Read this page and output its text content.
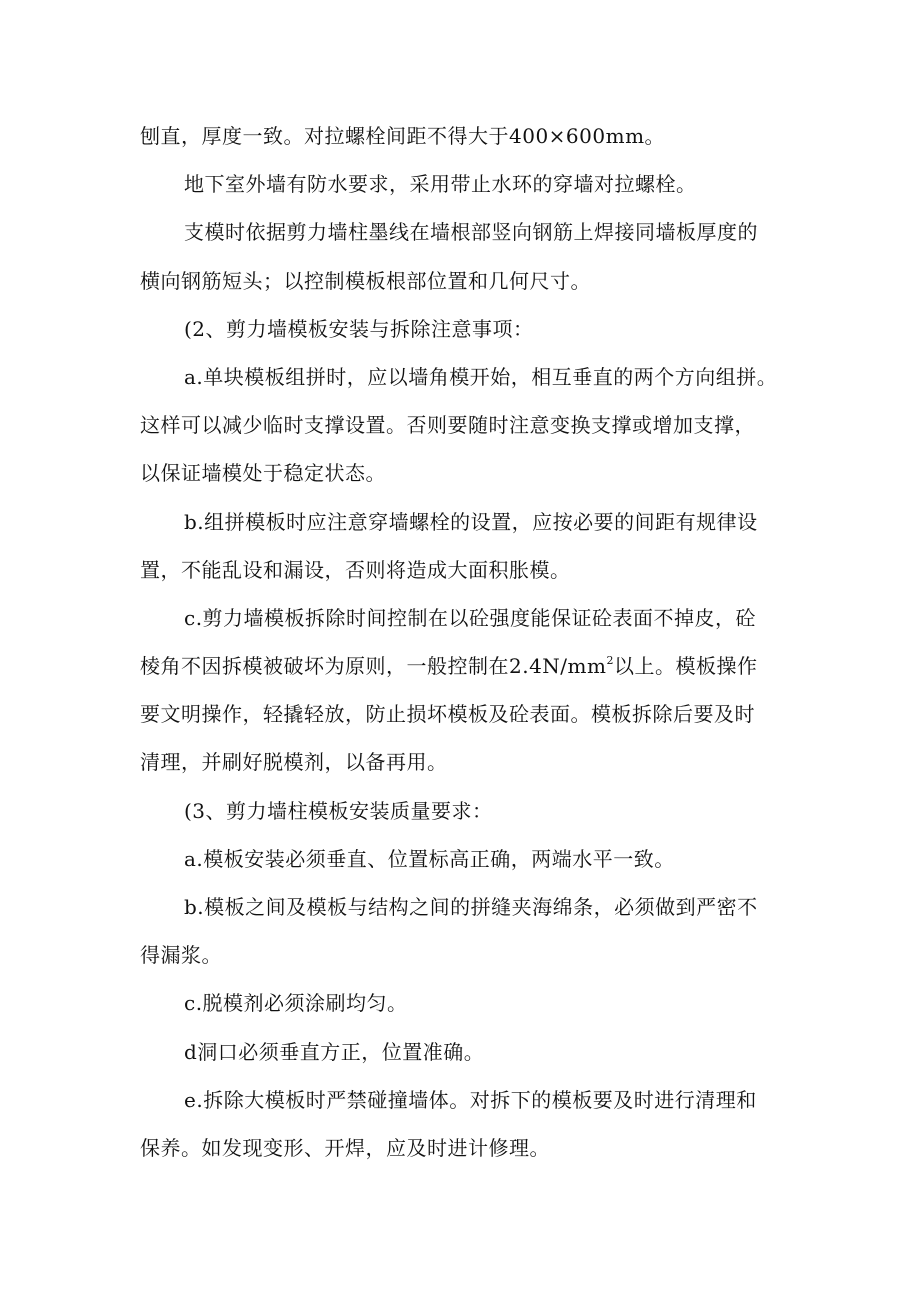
刨直，厚度一致。对拉螺栓间距不得大于400×600mm。
地下室外墙有防水要求，采用带止水环的穿墙对拉螺栓。
支模时依据剪力墙柱墨线在墙根部竖向钢筋上焊接同墙板厚度的
横向钢筋短头；以控制模板根部位置和几何尺寸。
(2、剪力墙模板安装与拆除注意事项：
a.单块模板组拼时，应以墙角模开始，相互垂直的两个方向组拼。
这样可以减少临时支撑设置。否则要随时注意变换支撑或增加支撑，
以保证墙模处于稳定状态。
b.组拼模板时应注意穿墙螺栓的设置，应按必要的间距有规律设
置，不能乱设和漏设，否则将造成大面积胀模。
c.剪力墙模板拆除时间控制在以砼强度能保证砼表面不掉皮，砼
棱角不因拆模被破坏为原则，一般控制在$2.4N/mm^2$以上。模板操作
要文明操作，轻撬轻放，防止损坏模板及砼表面。模板拆除后要及时
清理，并刷好脱模剂，以备再用。
(3、剪力墙柱模板安装质量要求：
a.模板安装必须垂直、位置标高正确，两端水平一致。
b.模板之间及模板与结构之间的拼缝夹海绵条，必须做到严密不
得漏浆。
c.脱模剂必须涂刷均匀。
d洞口必须垂直方正，位置准确。
e.拆除大模板时严禁碰撞墙体。对拆下的模板要及时进行清理和
保养。如发现变形、开焊，应及时进计修理。
